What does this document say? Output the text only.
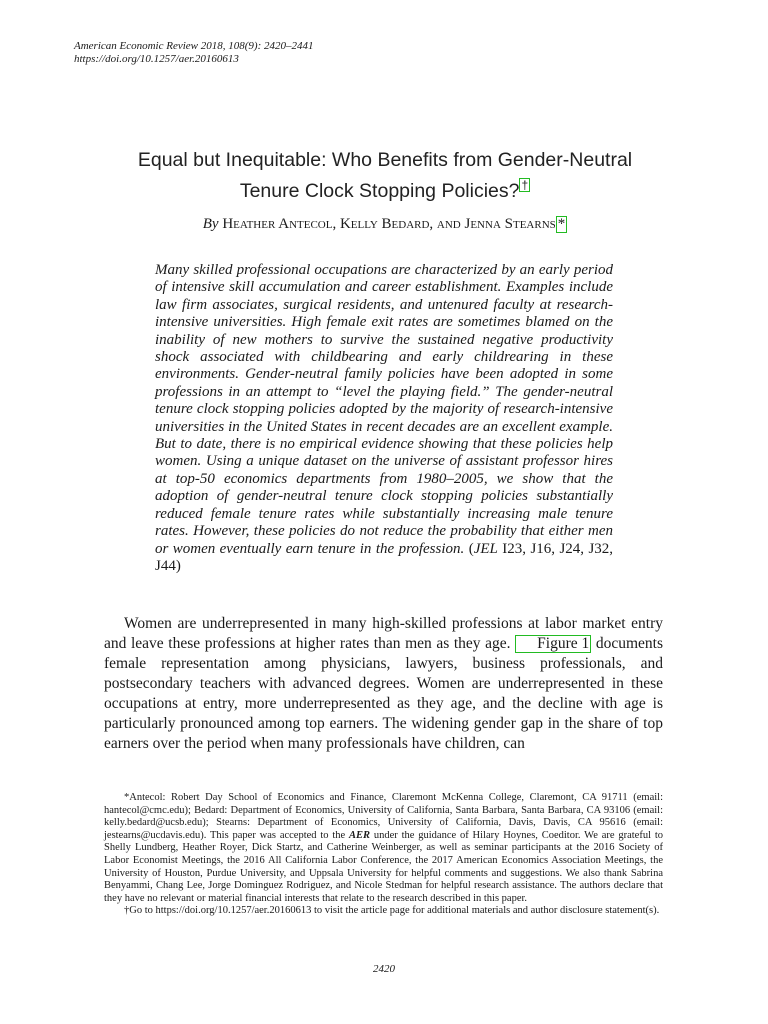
American Economic Review 2018, 108(9): 2420–2441
https://doi.org/10.1257/aer.20160613
Equal but Inequitable: Who Benefits from Gender-Neutral
Tenure Clock Stopping Policies? †
By Heather Antecol, Kelly Bedard, and Jenna Stearns *
Many skilled professional occupations are characterized by an early period of intensive skill accumulation and career establishment. Examples include law firm associates, surgical residents, and untenured faculty at research-intensive universities. High female exit rates are sometimes blamed on the inability of new mothers to survive the sustained negative productivity shock associated with childbearing and early childrearing in these environments. Gender-neutral family policies have been adopted in some professions in an attempt to “level the playing field.” The gender-neutral tenure clock stopping policies adopted by the majority of research-intensive universities in the United States in recent decades are an excellent example. But to date, there is no empirical evidence showing that these policies help women. Using a unique dataset on the universe of assistant professor hires at top-50 economics departments from 1980–2005, we show that the adoption of gender-neutral tenure clock stopping policies substantially reduced female tenure rates while substantially increasing male tenure rates. However, these policies do not reduce the probability that either men or women eventually earn tenure in the profession. (JEL I23, J16, J24, J32, J44)
Women are underrepresented in many high-skilled professions at labor market entry and leave these professions at higher rates than men as they age. Figure 1 documents female representation among physicians, lawyers, business professionals, and postsecondary teachers with advanced degrees. Women are underrepresented in these occupations at entry, more underrepresented as they age, and the decline with age is particularly pronounced among top earners. The widening gender gap in the share of top earners over the period when many professionals have children, can

*Antecol: Robert Day School of Economics and Finance, Claremont McKenna College, Claremont, CA 91711 (email: hantecol@cmc.edu); Bedard: Department of Economics, University of California, Santa Barbara, Santa Barbara, CA 93106 (email: kelly.bedard@ucsb.edu); Stearns: Department of Economics, University of California, Davis, Davis, CA 95616 (email: jestearns@ucdavis.edu). This paper was accepted to the AER under the guidance of Hilary Hoynes, Coeditor. We are grateful to Shelly Lundberg, Heather Royer, Dick Startz, and Catherine Weinberger, as well as seminar participants at the 2016 Society of Labor Economist Meetings, the 2016 All California Labor Conference, the 2017 American Economics Association Meetings, the University of Houston, Purdue University, and Uppsala University for helpful comments and suggestions. We also thank Sabrina Benyammi, Chang Lee, Jorge Dominguez Rodriguez, and Nicole Stedman for helpful research assistance. The authors declare that they have no relevant or material financial interests that relate to the research described in this paper.

†Go to https://doi.org/10.1257/aer.20160613 to visit the article page for additional materials and author disclosure statement(s).

2420
